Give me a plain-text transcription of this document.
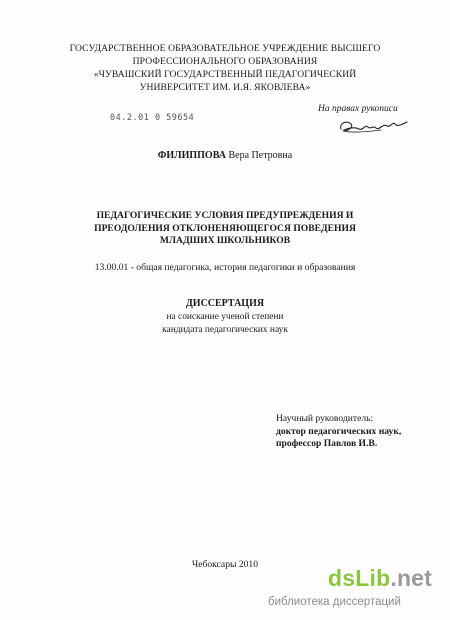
ГОСУДАРСТВЕННОЕ ОБРАЗОВАТЕЛЬНОЕ УЧРЕЖДЕНИЕ ВЫСШЕГО
ПРОФЕССИОНАЛЬНОГО ОБРАЗОВАНИЯ
«ЧУВАШСКИЙ ГОСУДАРСТВЕННЫЙ ПЕДАГОГИЧЕСКИЙ
УНИВЕРСИТЕТ ИМ. И.Я. ЯКОВЛЕВА»
На правах рукописи
04.2.01 0 59654
ФИЛИППОВА Вера Петровна
ПЕДАГОГИЧЕСКИЕ УСЛОВИЯ ПРЕДУПРЕЖДЕНИЯ И
ПРЕОДОЛЕНИЯ ОТКЛОНЕНЯЮЩЕГОСЯ ПОВЕДЕНИЯ
МЛАДШИХ ШКОЛЬНИКОВ
13.00.01 - общая педагогика, история педагогики и образования
ДИССЕРТАЦИЯ
на соискание ученой степени
кандидата педагогических наук
Научный руководитель:
доктор педагогических наук,
профессор Павлов И.В.
Чебоксары 2010
dsLib.net
библиотека диссертаций
